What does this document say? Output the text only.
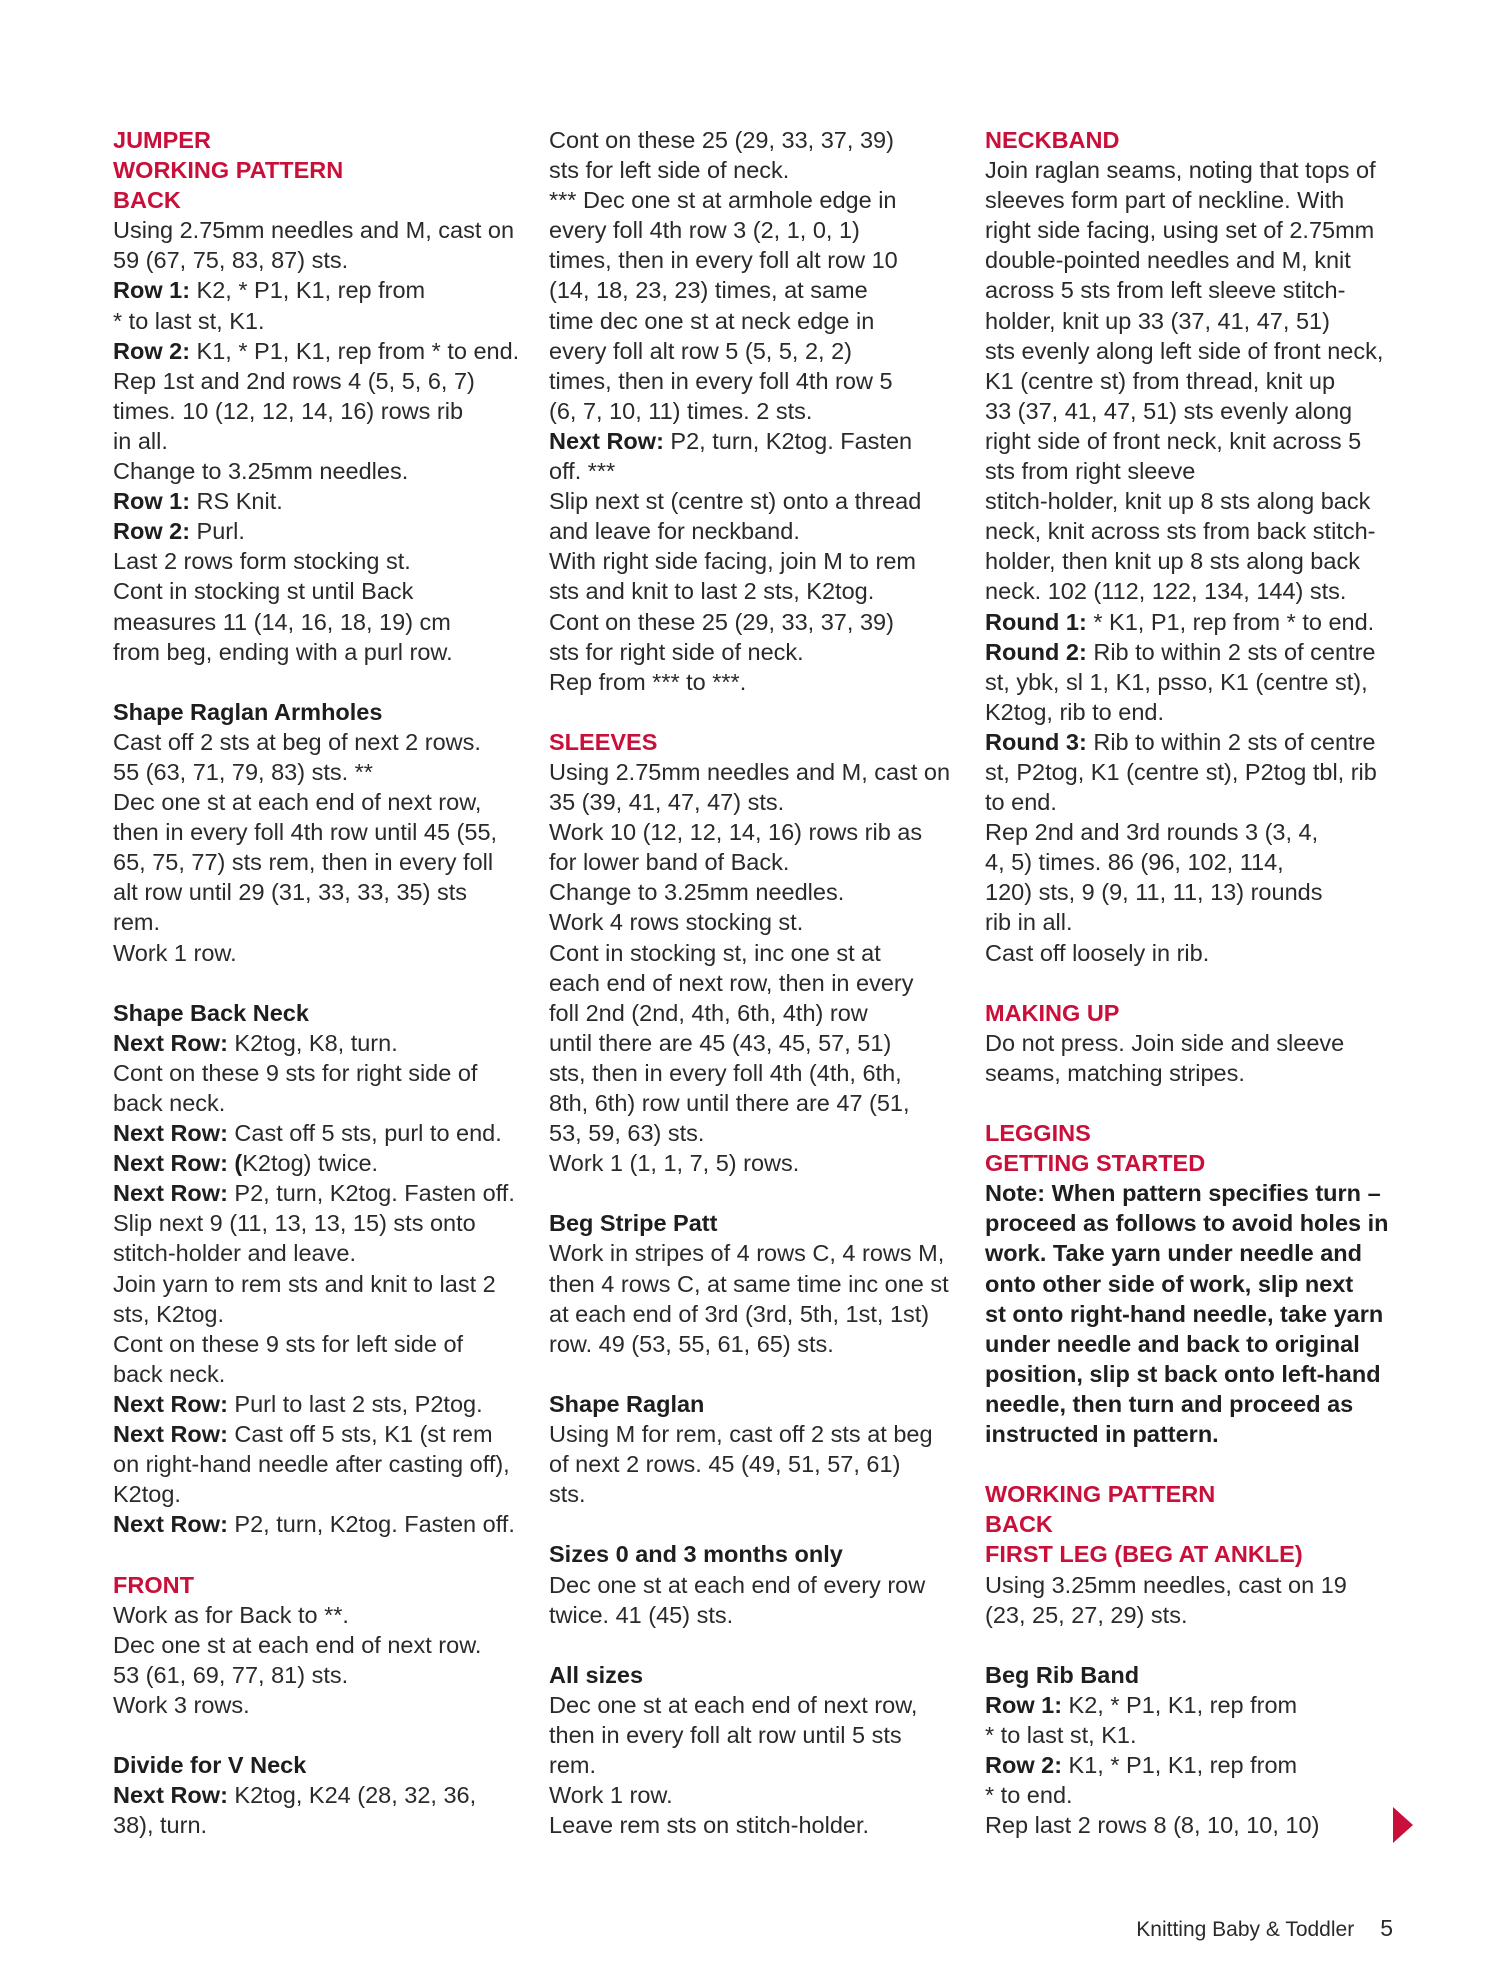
JUMPER
WORKING PATTERN
BACK
Using 2.75mm needles and M, cast on
59 (67, 75, 83, 87) sts.
Row 1: K2, * P1, K1, rep from
* to last st, K1.
Row 2: K1, * P1, K1, rep from * to end.
Rep 1st and 2nd rows 4 (5, 5, 6, 7)
times. 10 (12, 12, 14, 16) rows rib
in all.
Change to 3.25mm needles.
Row 1: RS Knit.
Row 2: Purl.
Last 2 rows form stocking st.
Cont in stocking st until Back
measures 11 (14, 16, 18, 19) cm
from beg, ending with a purl row.
Shape Raglan Armholes
Cast off 2 sts at beg of next 2 rows.
55 (63, 71, 79, 83) sts. **
Dec one st at each end of next row,
then in every foll 4th row until 45 (55,
65, 75, 77) sts rem, then in every foll
alt row until 29 (31, 33, 33, 35) sts
rem.
Work 1 row.
Shape Back Neck
Next Row: K2tog, K8, turn.
Cont on these 9 sts for right side of
back neck.
Next Row: Cast off 5 sts, purl to end.
Next Row: (K2tog) twice.
Next Row: P2, turn, K2tog. Fasten off.
Slip next 9 (11, 13, 13, 15) sts onto
stitch-holder and leave.
Join yarn to rem sts and knit to last 2
sts, K2tog.
Cont on these 9 sts for left side of
back neck.
Next Row: Purl to last 2 sts, P2tog.
Next Row: Cast off 5 sts, K1 (st rem
on right-hand needle after casting off),
K2tog.
Next Row: P2, turn, K2tog. Fasten off.
FRONT
Work as for Back to **.
Dec one st at each end of next row.
53 (61, 69, 77, 81) sts.
Work 3 rows.
Divide for V Neck
Next Row: K2tog, K24 (28, 32, 36,
38), turn.
Cont on these 25 (29, 33, 37, 39)
sts for left side of neck.
*** Dec one st at armhole edge in
every foll 4th row 3 (2, 1, 0, 1)
times, then in every foll alt row 10
(14, 18, 23, 23) times, at same
time dec one st at neck edge in
every foll alt row 5 (5, 5, 2, 2)
times, then in every foll 4th row 5
(6, 7, 10, 11) times. 2 sts.
Next Row: P2, turn, K2tog. Fasten
off. ***
Slip next st (centre st) onto a thread
and leave for neckband.
With right side facing, join M to rem
sts and knit to last 2 sts, K2tog.
Cont on these 25 (29, 33, 37, 39)
sts for right side of neck.
Rep from *** to ***.
SLEEVES
Using 2.75mm needles and M, cast on
35 (39, 41, 47, 47) sts.
Work 10 (12, 12, 14, 16) rows rib as
for lower band of Back.
Change to 3.25mm needles.
Work 4 rows stocking st.
Cont in stocking st, inc one st at
each end of next row, then in every
foll 2nd (2nd, 4th, 6th, 4th) row
until there are 45 (43, 45, 57, 51)
sts, then in every foll 4th (4th, 6th,
8th, 6th) row until there are 47 (51,
53, 59, 63) sts.
Work 1 (1, 1, 7, 5) rows.
Beg Stripe Patt
Work in stripes of 4 rows C, 4 rows M,
then 4 rows C, at same time inc one st
at each end of 3rd (3rd, 5th, 1st, 1st)
row. 49 (53, 55, 61, 65) sts.
Shape Raglan
Using M for rem, cast off 2 sts at beg
of next 2 rows. 45 (49, 51, 57, 61)
sts.
Sizes 0 and 3 months only
Dec one st at each end of every row
twice. 41 (45) sts.
All sizes
Dec one st at each end of next row,
then in every foll alt row until 5 sts
rem.
Work 1 row.
Leave rem sts on stitch-holder.
NECKBAND
Join raglan seams, noting that tops of
sleeves form part of neckline. With
right side facing, using set of 2.75mm
double-pointed needles and M, knit
across 5 sts from left sleeve stitch-
holder, knit up 33 (37, 41, 47, 51)
sts evenly along left side of front neck,
K1 (centre st) from thread, knit up
33 (37, 41, 47, 51) sts evenly along
right side of front neck, knit across 5
sts from right sleeve
stitch-holder, knit up 8 sts along back
neck, knit across sts from back stitch-
holder, then knit up 8 sts along back
neck. 102 (112, 122, 134, 144) sts.
Round 1: * K1, P1, rep from * to end.
Round 2: Rib to within 2 sts of centre
st, ybk, sl 1, K1, psso, K1 (centre st),
K2tog, rib to end.
Round 3: Rib to within 2 sts of centre
st, P2tog, K1 (centre st), P2tog tbl, rib
to end.
Rep 2nd and 3rd rounds 3 (3, 4,
4, 5) times. 86 (96, 102, 114,
120) sts, 9 (9, 11, 11, 13) rounds
rib in all.
Cast off loosely in rib.
MAKING UP
Do not press. Join side and sleeve
seams, matching stripes.
LEGGINS
GETTING STARTED
Note: When pattern specifies turn –
proceed as follows to avoid holes in
work. Take yarn under needle and
onto other side of work, slip next
st onto right-hand needle, take yarn
under needle and back to original
position, slip st back onto left-hand
needle, then turn and proceed as
instructed in pattern.
WORKING PATTERN
BACK
FIRST LEG (BEG AT ANKLE)
Using 3.25mm needles, cast on 19
(23, 25, 27, 29) sts.
Beg Rib Band
Row 1: K2, * P1, K1, rep from
* to last st, K1.
Row 2: K1, * P1, K1, rep from
* to end.
Rep last 2 rows 8 (8, 10, 10, 10)
Knitting Baby & Toddler 5
